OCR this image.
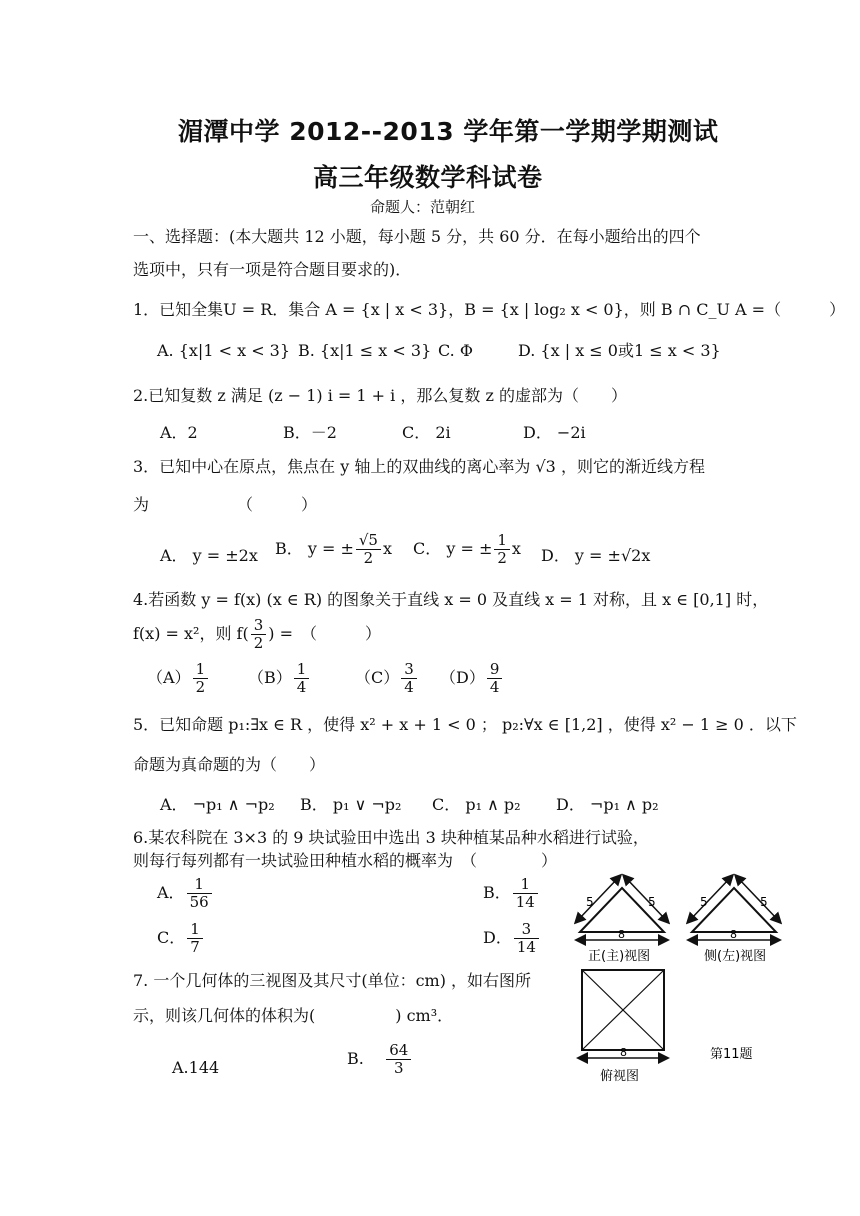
湄潭中学 2012--2013 学年第一学期学期测试
高三年级数学科试卷
命题人：范朝红
一、选择题：(本大题共 12 小题，每小题 5 分，共 60 分．在每小题给出的四个
选项中，只有一项是符合题目要求的)．
1．已知全集U = R．集合 A = {x | x < 3}，B = {x | log₂ x < 0}，则 B ∩ C_U A =（　　　）
A. {x|1 < x < 3} B. {x|1 ≤ x < 3} C. Φ	D. {x | x ≤ 0或1 ≤ x < 3}
2.已知复数 z 满足 (z − 1) i = 1 + i ，那么复数 z 的虚部为（　　）
A．2	B．－2	C． 2i	D． −2i
3．已知中心在原点，焦点在 y 轴上的双曲线的离心率为 √3 ，则它的渐近线方程
为　　　　　　（　　　）
A． y = ±2x B． y = ± $\frac{√5}{2}$ x C． y = ± $\frac{1}{2}$ x D． y = ±√2x
4.若函数 y = f(x) (x ∈ R) 的图象关于直线 x = 0 及直线 x = 1 对称，且 x ∈ [0,1] 时，
f(x) = x²，则 $f( \frac{3}{2}$ ) =　（　　　）
$(A) \frac{1}{2} (B) \frac{1}{4}$	$(C) \frac{3}{4} (D) \frac{9}{4}$
5．已知命题 p₁:∃x ∈ R ，使得 x² + x + 1 < 0 ； p₂:∀x ∈ [1,2] ，使得 x² − 1 ≥ 0 ．以下
命题为真命题的为（　　）
A． ¬p₁ ∧ ¬p₂ B． p₁ ∨ ¬p₂ C． p₁ ∧ p₂ D． ¬p₁ ∧ p₂
6.某农科院在 3×3 的 9 块试验田中选出 3 块种植某品种水稻进行试验，
则每行每列都有一块试验田种植水稻的概率为　（　　　　）
A． $\frac{1}{56}$	B． $\frac{1}{14}$
C． $\frac{1}{7}$	D． $\frac{3}{14}$
7. 一个几何体的三视图及其尺寸(单位：cm) ，如右图所
示，则该几何体的体积为(　　　　　) cm³．
A.144	B. $\frac{64}{3}$
5	5
8
正(主)视图
5	5
8
侧(左)视图
8
俯视图
第11题
